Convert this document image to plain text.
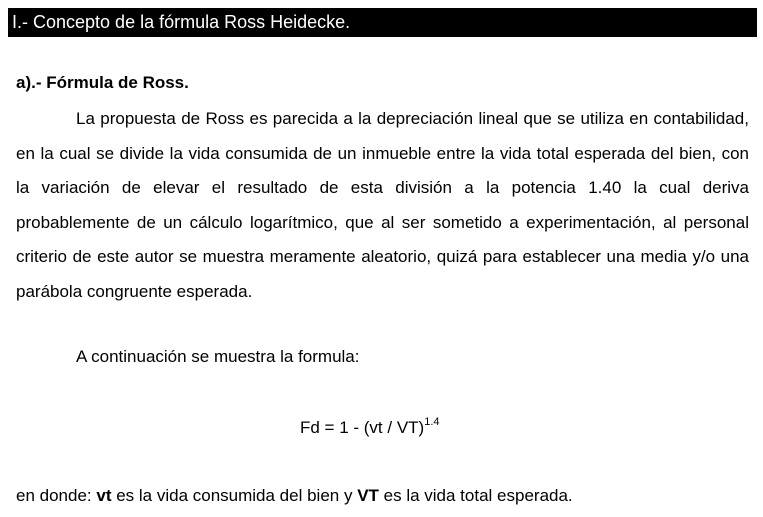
I.- Concepto de la fórmula Ross Heidecke.
a).- Fórmula de Ross.

La propuesta de Ross es parecida a la depreciación lineal que se utiliza en contabilidad, en la cual se divide la vida consumida de un inmueble entre la vida total esperada del bien, con la variación de elevar el resultado de esta división a la potencia 1.40 la cual deriva probablemente de un cálculo logarítmico, que al ser sometido a experimentación, al personal criterio de este autor se muestra meramente aleatorio, quizá para establecer una media y/o una parábola congruente esperada.

A continuación se muestra la formula:
Fd = 1 - (vt / VT)$^{1.4}$
en donde: vt es la vida consumida del bien y VT es la vida total esperada.
